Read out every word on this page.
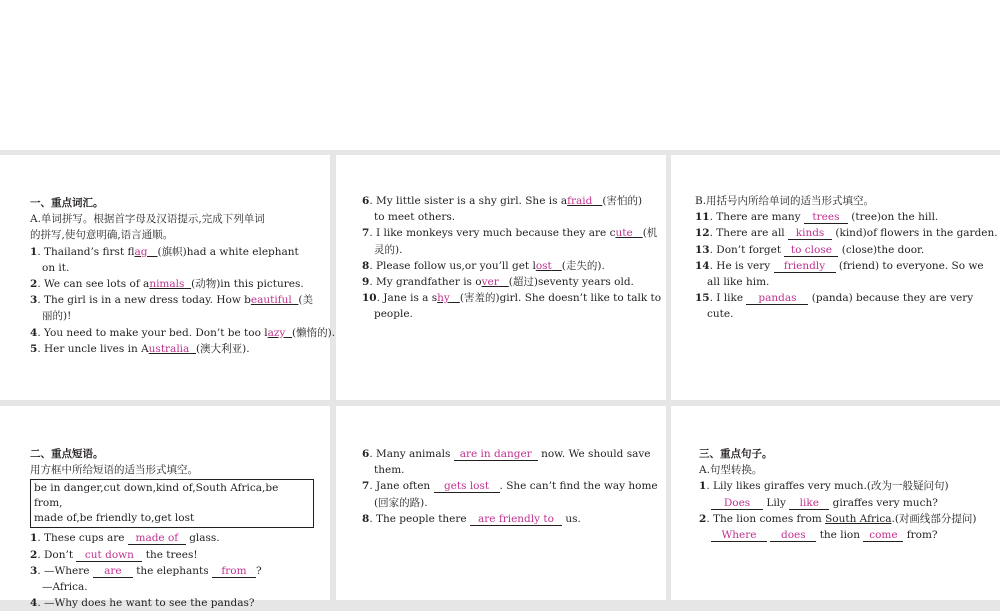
一、重点词汇。
A.单词拼写。根据首字母及汉语提示,完成下列单词
的拼写,使句意明确,语言通顺。
1. Thailand’s first flag (旗帜)had a white elephant
on it.
2. We can see lots of animals (动物)in this pictures.
3. The girl is in a new dress today. How beautiful (美
丽的)!
4. You need to make your bed. Don’t be too lazy (懒惰的).
5. Her uncle lives in Australia (澳大利亚).
6. My little sister is a shy girl. She is afraid (害怕的)
to meet others.
7. I like monkeys very much because they are cute (机
灵的).
8. Please follow us,or you’ll get lost (走失的).
9. My grandfather is over (超过)seventy years old.
10. Jane is a shy (害羞的)girl. She doesn’t like to talk to
people.
B.用括号内所给单词的适当形式填空。
11. There are many trees (tree)on the hill.
12. There are all kinds (kind)of flowers in the garden.
13. Don’t forget to close (close)the door.
14. He is very friendly (friend) to everyone. So we
all like him.
15. I like pandas (panda) because they are very
cute.
二、重点短语。
用方框中所给短语的适当形式填空。
be in danger,cut down,kind of,South Africa,be from,
made of,be friendly to,get lost
1. These cups are made of glass.
2. Don’t cut down the trees!
3. —Where are the elephants from ?
—Africa.
4. —Why does he want to see the pandas?
6. Many animals are in danger now. We should save
them.
7. Jane often gets lost . She can’t find the way home
(回家的路).
8. The people there are friendly to us.
三、重点句子。
A.句型转换。
1. Lily likes giraffes very much.(改为一般疑问句)
Does Lily like giraffes very much?
2. The lion comes from South Africa.(对画线部分提问)
Where does the lion come from?
